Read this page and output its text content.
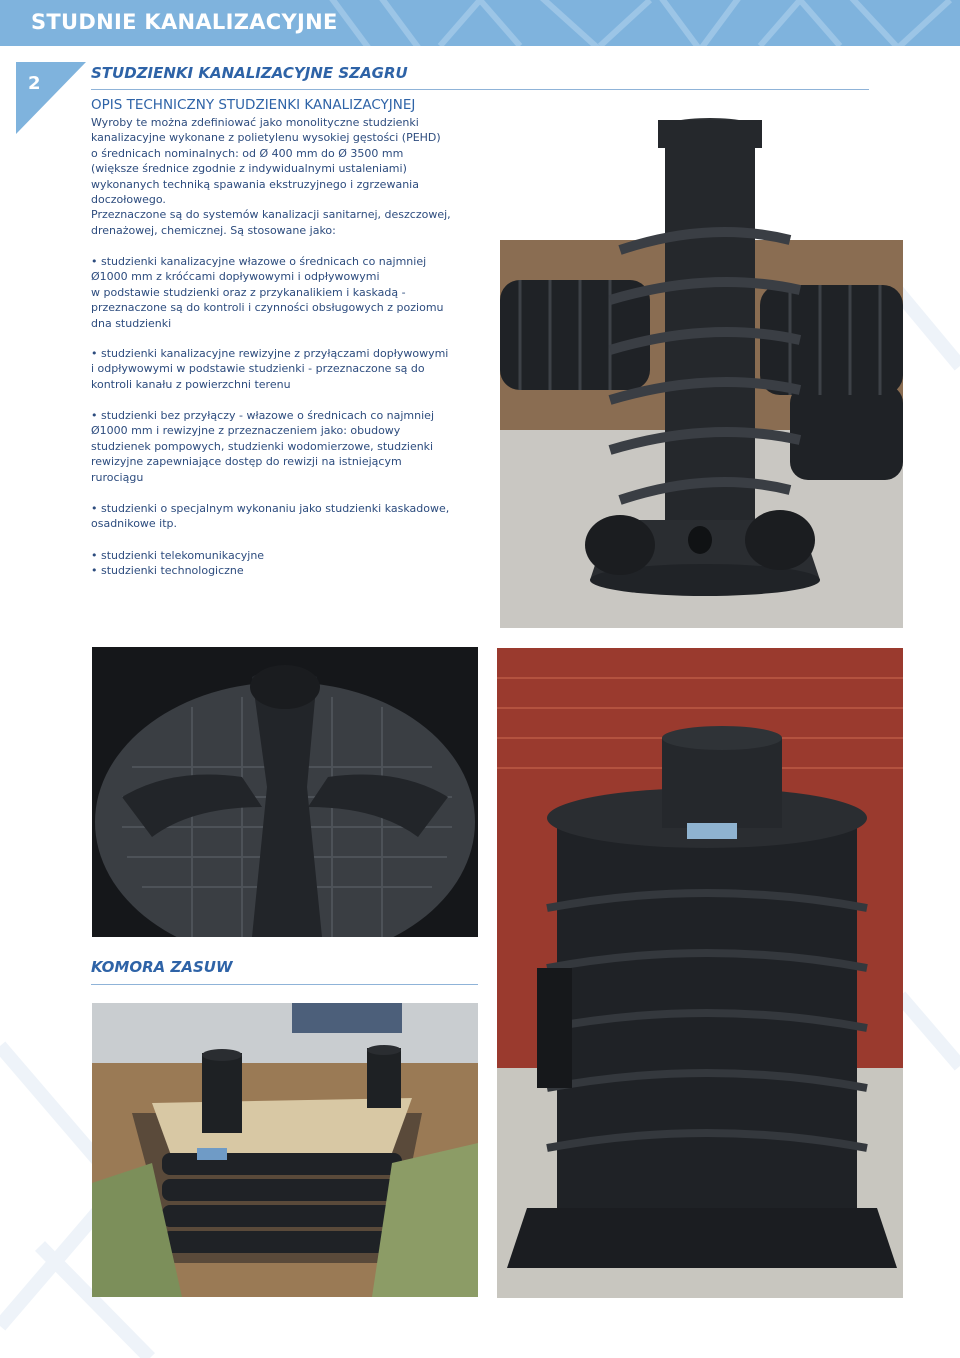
STUDNIE KANALIZACYJNE
2	STUDZIENKI KANALIZACYJNE SZAGRU
OPIS TECHNICZNY STUDZIENKI KANALIZACYJNEJ

Wyroby te można zdefiniować jako monolityczne studzienki

kanalizacyjne wykonane z polietylenu wysokiej gęstości (PEHD)

o średnicach nominalnych: od Ø 400 mm do Ø 3500 mm

(większe średnice zgodnie z indywidualnymi ustaleniami)

wykonanych techniką spawania ekstruzyjnego i zgrzewania

doczołowego.

Przeznaczone są do systemów kanalizacji sanitarnej, deszczowej,

drenażowej, chemicznej. Są stosowane jako:

• studzienki kanalizacyjne włazowe o średnicach co najmniej

Ø1000 mm z króćcami dopływowymi i odpływowymi

w podstawie studzienki oraz z przykanalikiem i kaskadą -

przeznaczone są do kontroli i czynności obsługowych z poziomu

dna studzienki

• studzienki kanalizacyjne rewizyjne z przyłączami dopływowymi

i odpływowymi w podstawie studzienki - przeznaczone są do

kontroli kanału z powierzchni terenu

• studzienki bez przyłączy - włazowe o średnicach co najmniej

Ø1000 mm i rewizyjne z przeznaczeniem jako: obudowy

studzienek pompowych, studzienki wodomierzowe, studzienki

rewizyjne zapewniające dostęp do rewizji na istniejącym

rurociągu

• studzienki o specjalnym wykonaniu jako studzienki kaskadowe,

osadnikowe itp.

• studzienki telekomunikacyjne

• studzienki technologiczne

KOMORA ZASUW
